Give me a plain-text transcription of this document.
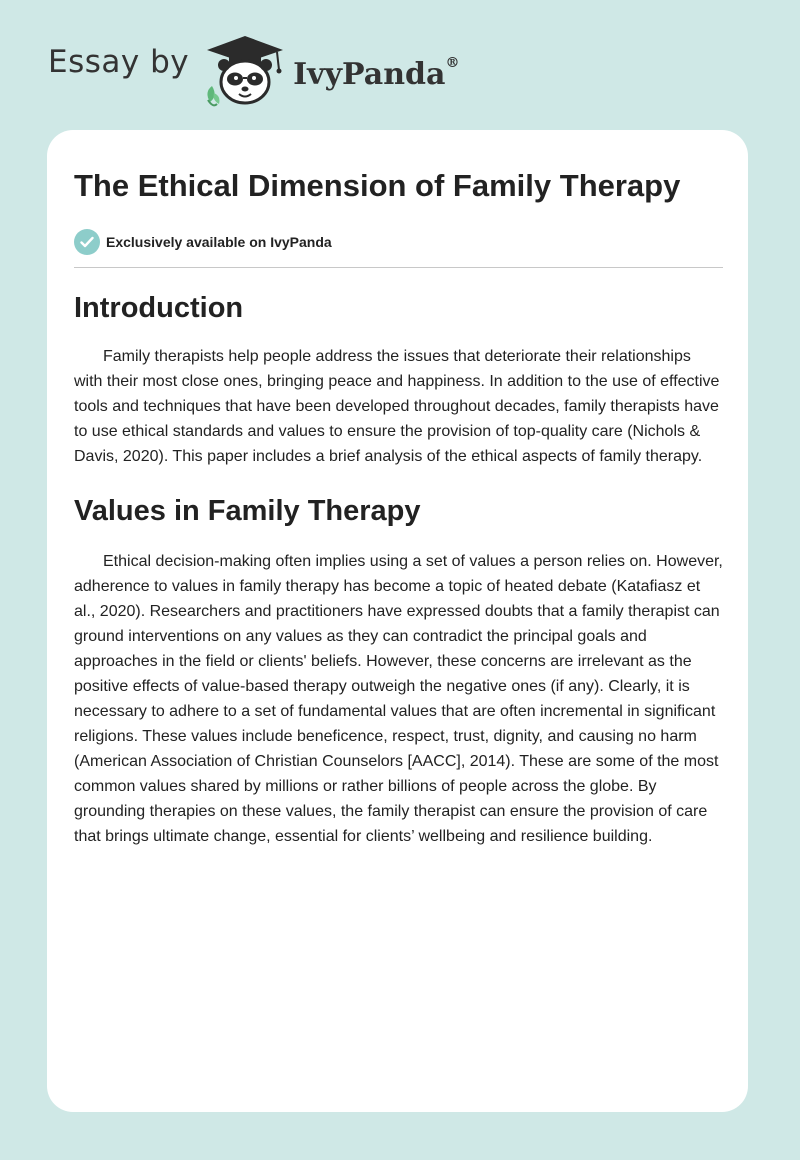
Essay by	IvyPanda®
The Ethical Dimension of Family Therapy
Exclusively available on IvyPanda
Introduction

Family therapists help people address the issues that deteriorate their relationships with their most close ones, bringing peace and happiness. In addition to the use of effective tools and techniques that have been developed throughout decades, family therapists have to use ethical standards and values to ensure the provision of top-quality care (Nichols & Davis, 2020). This paper includes a brief analysis of the ethical aspects of family therapy.

Values in Family Therapy

Ethical decision-making often implies using a set of values a person relies on. However, adherence to values in family therapy has become a topic of heated debate (Katafiasz et al., 2020). Researchers and practitioners have expressed doubts that a family therapist can ground interventions on any values as they can contradict the principal goals and approaches in the field or clients' beliefs. However, these concerns are irrelevant as the positive effects of value-based therapy outweigh the negative ones (if any). Clearly, it is necessary to adhere to a set of fundamental values that are often incremental in significant religions. These values include beneficence, respect, trust, dignity, and causing no harm (American Association of Christian Counselors [AACC], 2014). These are some of the most common values shared by millions or rather billions of people across the globe. By grounding therapies on these values, the family therapist can ensure the provision of care that brings ultimate change, essential for clients’ wellbeing and resilience building.
